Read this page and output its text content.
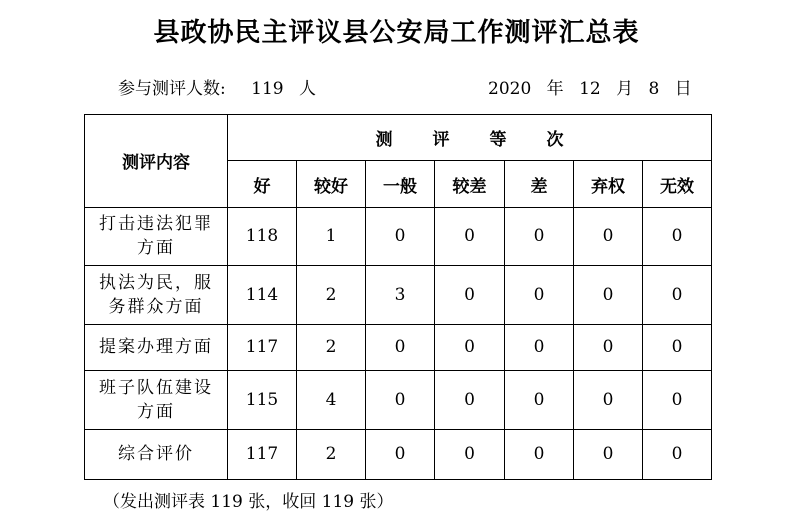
县政协民主评议县公安局工作测评汇总表
参与测评人数: 119 人	2020 年 12 月 8 日
测评内容	测评等次						
	好	较好	一般	较差	差	弃权	无效

打击违法犯罪
方面	118	1	0	0	0	0	0

执法为民，服
务群众方面	114	2	3	0	0	0	0

提案办理方面	117	2	0	0	0	0	0

班子队伍建设
方面	115	4	0	0	0	0	0

综合评价	117	2	0	0	0	0	0
（发出测评表 119 张，收回 119 张）
